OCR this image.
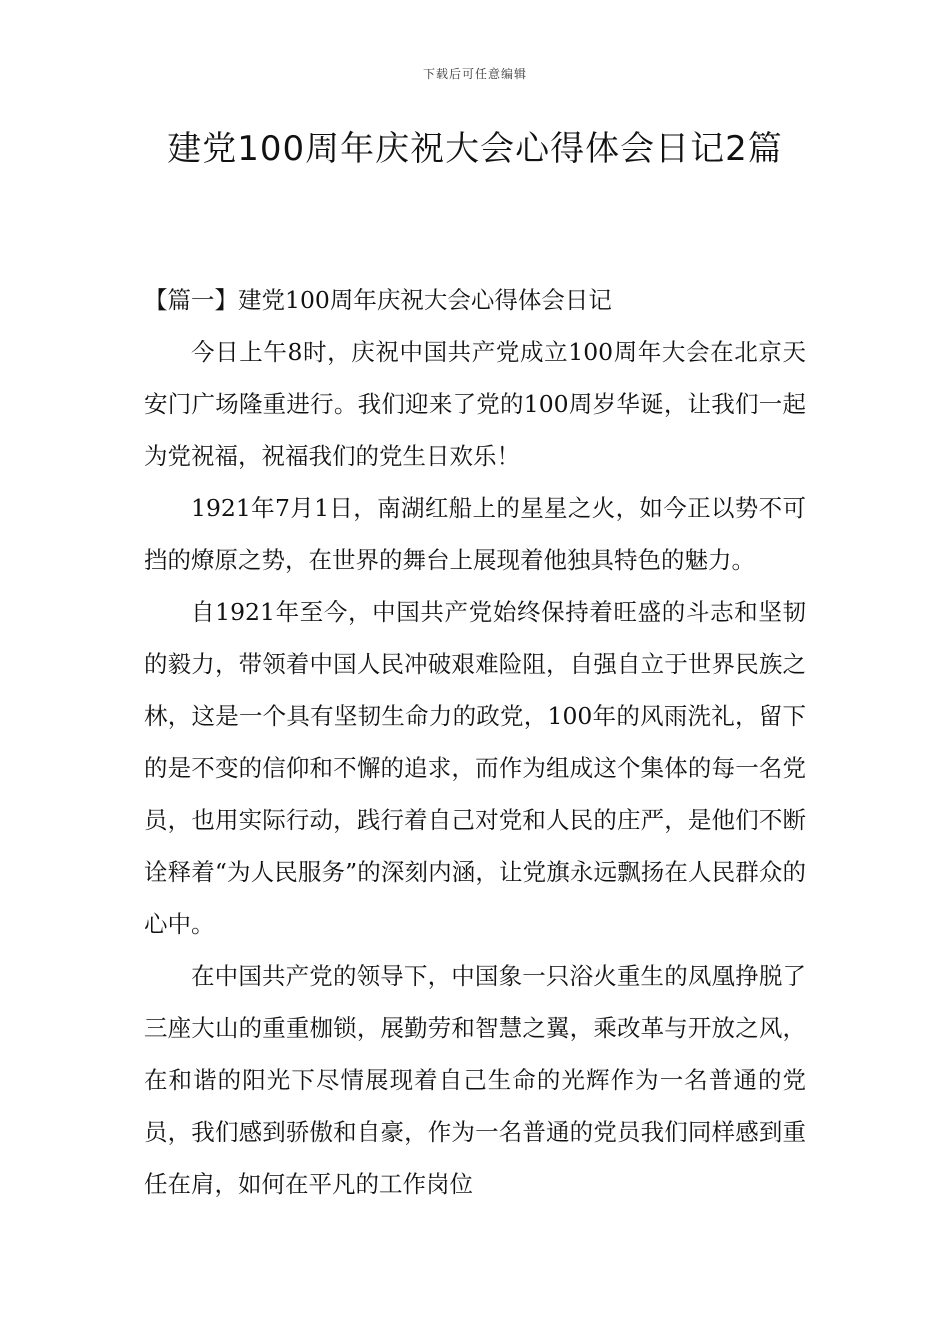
下载后可任意编辑
建党100周年庆祝大会心得体会日记2篇

【篇一】建党100周年庆祝大会心得体会日记

今日上午8时，庆祝中国共产党成立100周年大会在北京天安门广场隆重进行。我们迎来了党的100周岁华诞，让我们一起为党祝福，祝福我们的党生日欢乐！

1921年7月1日，南湖红船上的星星之火，如今正以势不可挡的燎原之势，在世界的舞台上展现着他独具特色的魅力。

自1921年至今，中国共产党始终保持着旺盛的斗志和坚韧的毅力，带领着中国人民冲破艰难险阻，自强自立于世界民族之林，这是一个具有坚韧生命力的政党，100年的风雨洗礼，留下的是不变的信仰和不懈的追求，而作为组成这个集体的每一名党员，也用实际行动，践行着自己对党和人民的庄严，是他们不断诠释着“为人民服务”的深刻内涵，让党旗永远飘扬在人民群众的心中。

在中国共产党的领导下，中国象一只浴火重生的凤凰挣脱了三座大山的重重枷锁，展勤劳和智慧之翼，乘改革与开放之风，在和谐的阳光下尽情展现着自己生命的光辉作为一名普通的党员，我们感到骄傲和自豪，作为一名普通的党员我们同样感到重任在肩，如何在平凡的工作岗位
